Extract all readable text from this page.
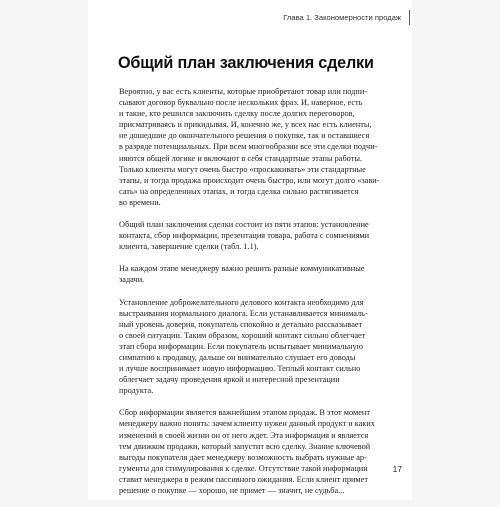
Глава 1. Закономерности продаж
Общий план заключения сделки

Вероятно, у вас есть клиенты, которые приобретают товар или подпи-
сывают договор буквально после нескольких фраз. И, наверное, есть
и такие, кто решился заключить сделку после долгих переговоров,
присматриваясь и прикидывая. И, конечно же, у всех нас есть клиенты,
не дошедшие до окончательного решения о покупке, так и оставшиеся
в разряде потенциальных. При всем многообразии все эти сделки подчи-
няются общей логике и включают в себя стандартные этапы работы.
Только клиенты могут очень быстро «проскакивать» эти стандартные
этапы, и тогда продажа происходит очень быстро, или могут долго «зави-
сать» на определенных этапах, и тогда сделка сильно растягивается
во времени.

Общий план заключения сделки состоит из пяти этапов: установление
контакта, сбор информации, презентация товара, работа с сомнениями
клиента, завершение сделки (табл. 1.1).

На каждом этапе менеджеру важно решить разные коммуникативные
задачи.

Установление доброжелательного делового контакта необходимо для
выстраивания нормального диалога. Если устанавливается минималь-
ный уровень доверия, покупатель спокойно и детально рассказывает
о своей ситуации. Таким образом, хороший контакт сильно облегчает
этап сбора информации. Если покупатель испытывает минимальную
симпатию к продавцу, дальше он внимательно слушает его доводы
и лучше воспринимает новую информацию. Теплый контакт сильно
облегчает задачу проведения яркой и интересной презентации
продукта.

Сбор информации является важнейшим этапом продаж. В этот момент
менеджеру важно понять: зачем клиенту нужен данный продукт и каких
изменений в своей жизни он от него ждет. Эта информация и является
тем движком продажи, который запустит всю сделку. Знание ключевой
выгоды покупателя дает менеджеру возможность выбрать нужные ар-
гументы для стимулирования к сделке. Отсутствие такой информации
ставит менеджера в режим пассивного ожидания. Если клиент примет
решение о покупке — хорошо, не примет — значит, не судьба...

17
